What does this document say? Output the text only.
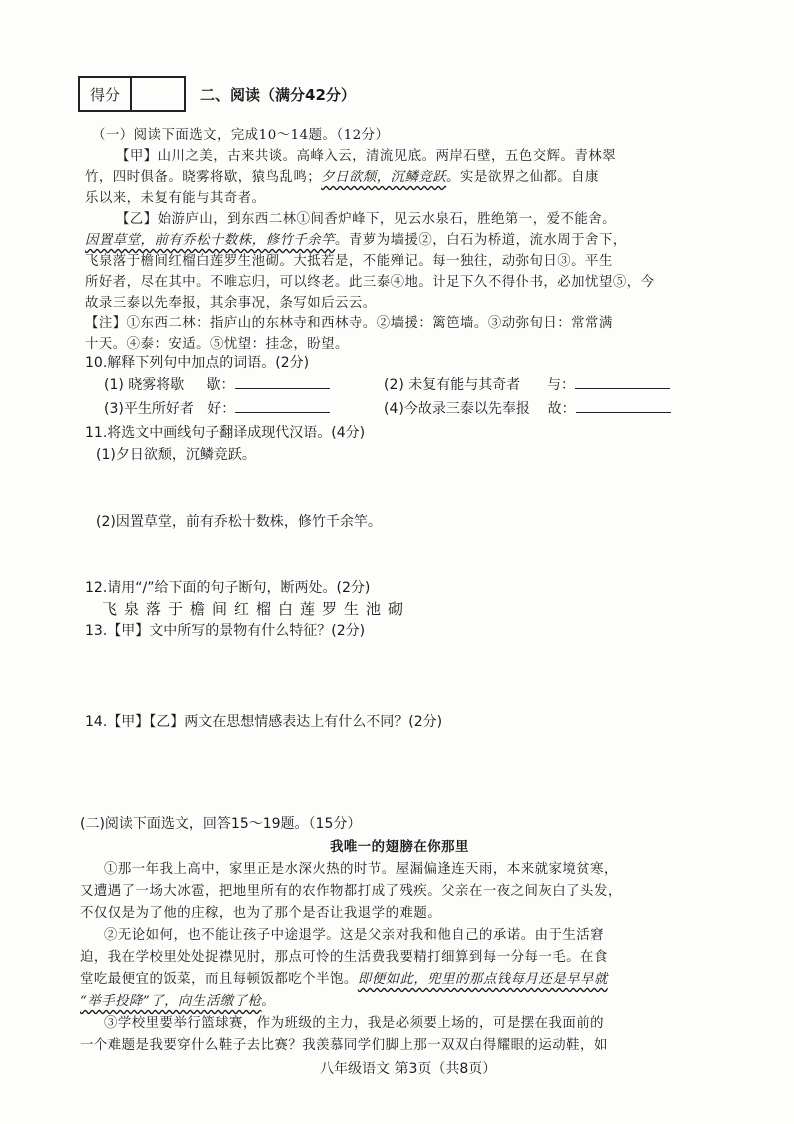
得分	二、阅读（满分42分）
（一）阅读下面选文，完成10～14题。（12分）
【甲】山川之美，古来共谈。高峰入云，清流见底。两岸石壁，五色交辉。青林翠
竹，四时俱备。晓雾将歇，猿鸟乱鸣；夕日欲颓，沉鳞竞跃。实是欲界之仙都。自康
乐以来，未复有能与其奇者。
【乙】始游庐山，到东西二林①间香炉峰下，见云水泉石，胜绝第一，爱不能舍。
因置草堂，前有乔松十数株，修竹千余竿。青萝为墙援②，白石为桥道，流水周于舍下，
飞泉落于檐间红榴白莲罗生池砌。大抵若是，不能殚记。每一独往，动弥旬日③。平生
所好者，尽在其中。不唯忘归，可以终老。此三泰④地。计足下久不得仆书，必加忧望⑤，今
故录三泰以先奉报，其余事况，条写如后云云。
【注】①东西二林：指庐山的东林寺和西林寺。②墙援：篱笆墙。③动弥旬日：常常满
十天。④泰：安适。⑤忧望：挂念，盼望。
10.解释下列句中加点的词语。(2分)
(1) 晓雾将歇 歇：	(2) 未复有能与其奇者 与：
(3)平生所好者 好：	(4)今故录三泰以先奉报 故：
11.将选文中画线句子翻译成现代汉语。(4分)
(1)夕日欲颓，沉鳞竞跃。
(2)因置草堂，前有乔松十数株，修竹千余竿。
12.请用“/”给下面的句子断句，断两处。(2分)
飞泉落于檐间红榴白莲罗生池砌
13.【甲】文中所写的景物有什么特征？(2分)
14.【甲】【乙】两文在思想情感表达上有什么不同？(2分)
(二)阅读下面选文，回答15～19题。（15分）
我唯一的翅膀在你那里
①那一年我上高中，家里正是水深火热的时节。屋漏偏逢连天雨，本来就家境贫寒，
又遭遇了一场大冰雹，把地里所有的农作物都打成了残疾。父亲在一夜之间灰白了头发，
不仅仅是为了他的庄稼，也为了那个是否让我退学的难题。
②无论如何，也不能让孩子中途退学。这是父亲对我和他自己的承诺。由于生活窘
迫，我在学校里处处捉襟见肘，那点可怜的生活费我要精打细算到每一分每一毛。在食
堂吃最便宜的饭菜，而且每顿饭都吃个半饱。即便如此，兜里的那点钱每月还是早早就
“举手投降”了，向生活缴了枪。
③学校里要举行篮球赛，作为班级的主力，我是必须要上场的，可是摆在我面前的
一个难题是我要穿什么鞋子去比赛？我羡慕同学们脚上那一双双白得耀眼的运动鞋，如
八年级语文 第3页（共8页）
